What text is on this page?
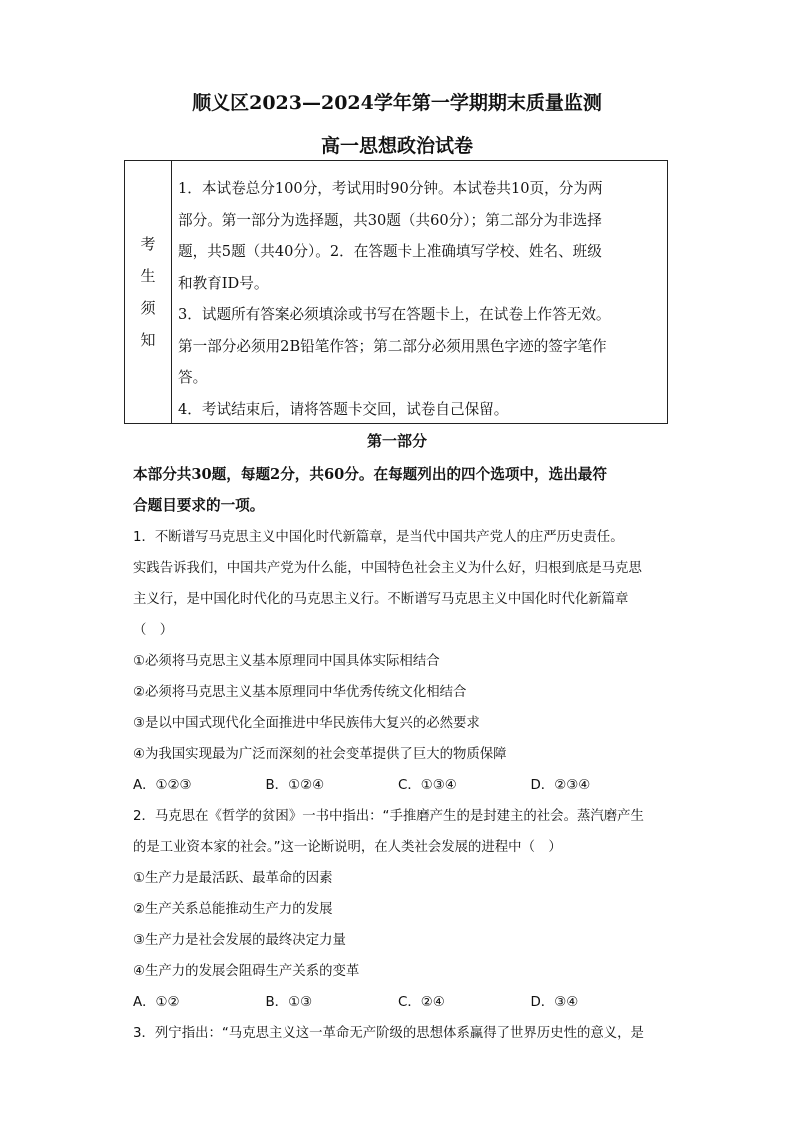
顺义区2023—2024学年第一学期期末质量监测
高一思想政治试卷
考
生
须
知

1．本试卷总分100分，考试用时90分钟。本试卷共10页，分为两

部分。第一部分为选择题，共30题（共60分）；第二部分为非选择

题，共5题（共40分）。2．在答题卡上准确填写学校、姓名、班级

和教育ID号。

3．试题所有答案必须填涂或书写在答题卡上，在试卷上作答无效。

第一部分必须用2B铅笔作答；第二部分必须用黑色字迹的签字笔作

答。

4．考试结束后，请将答题卡交回，试卷自己保留。

第一部分
本部分共30题，每题2分，共60分。在每题列出的四个选项中，选出最符
合题目要求的一项。
1．不断谱写马克思主义中国化时代新篇章，是当代中国共产党人的庄严历史责任。
实践告诉我们，中国共产党为什么能，中国特色社会主义为什么好，归根到底是马克思
主义行，是中国化时代化的马克思主义行。不断谱写马克思主义中国化时代化新篇章
（　）
①必须将马克思主义基本原理同中国具体实际相结合
②必须将马克思主义基本原理同中华优秀传统文化相结合
③是以中国式现代化全面推进中华民族伟大复兴的必然要求
④为我国实现最为广泛而深刻的社会变革提供了巨大的物质保障
A．①②③	B．①②④	C．①③④	D．②③④
2．马克思在《哲学的贫困》一书中指出：“手推磨产生的是封建主的社会。蒸汽磨产生
的是工业资本家的社会。”这一论断说明，在人类社会发展的进程中（　）
①生产力是最活跃、最革命的因素
②生产关系总能推动生产力的发展
③生产力是社会发展的最终决定力量
④生产力的发展会阻碍生产关系的变革
A．①②	B．①③	C．②④	D．③④
3．列宁指出：“马克思主义这一革命无产阶级的思想体系赢得了世界历史性的意义，是
